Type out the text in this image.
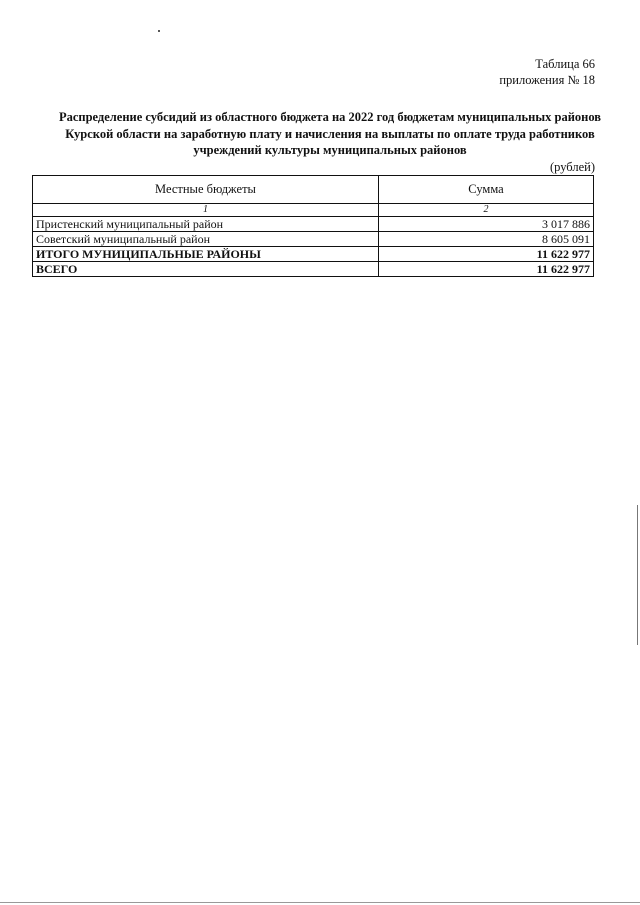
Таблица 66
приложения № 18
Распределение субсидий из областного бюджета на 2022 год бюджетам муниципальных районов
Курской области на заработную плату и начисления на выплаты по оплате труда работников
учреждений культуры муниципальных районов
(рублей)
Местные бюджеты	Сумма
1	2
Пристенский муниципальный район	3 017 886
Советский муниципальный район	8 605 091
ИТОГО МУНИЦИПАЛЬНЫЕ РАЙОНЫ	11 622 977
ВСЕГО	11 622 977
